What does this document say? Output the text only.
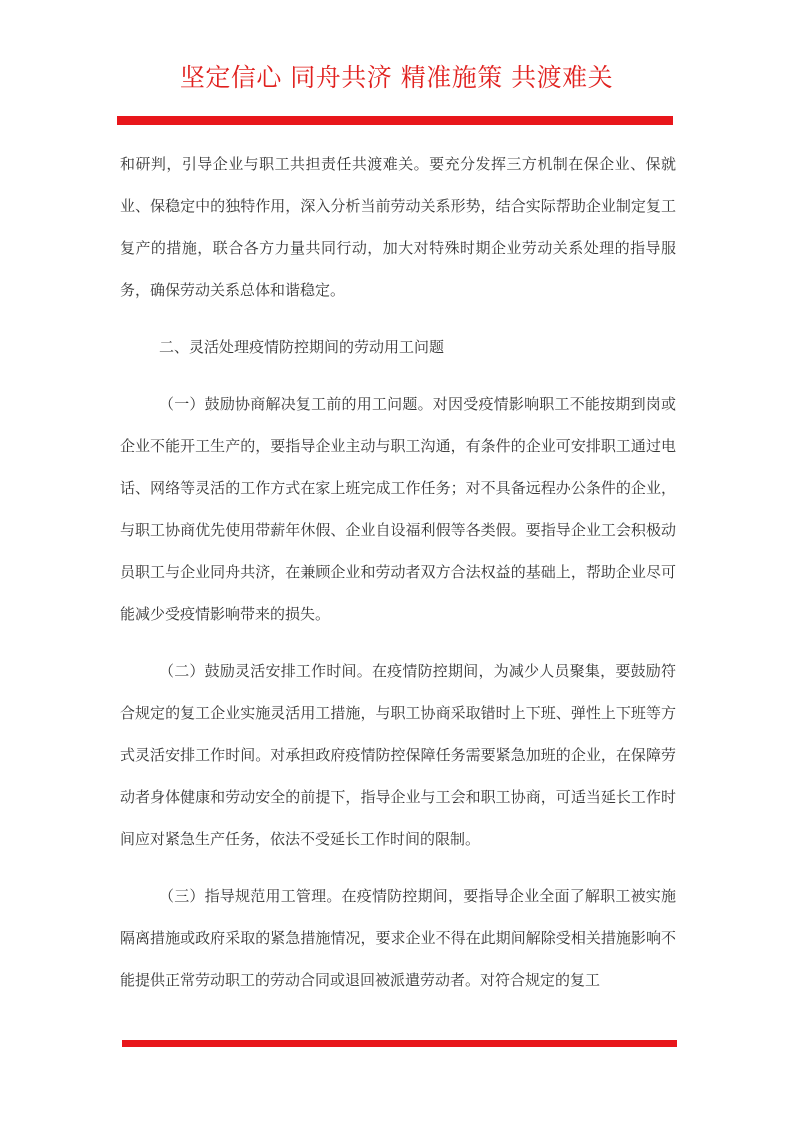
坚定信心 同舟共济 精准施策 共渡难关

和研判，引导企业与职工共担责任共渡难关。要充分发挥三方机制在保企业、保就业、保稳定中的独特作用，深入分析当前劳动关系形势，结合实际帮助企业制定复工复产的措施，联合各方力量共同行动，加大对特殊时期企业劳动关系处理的指导服务，确保劳动关系总体和谐稳定。

二、灵活处理疫情防控期间的劳动用工问题

（一）鼓励协商解决复工前的用工问题。对因受疫情影响职工不能按期到岗或企业不能开工生产的，要指导企业主动与职工沟通，有条件的企业可安排职工通过电话、网络等灵活的工作方式在家上班完成工作任务；对不具备远程办公条件的企业，与职工协商优先使用带薪年休假、企业自设福利假等各类假。要指导企业工会积极动员职工与企业同舟共济，在兼顾企业和劳动者双方合法权益的基础上，帮助企业尽可能减少受疫情影响带来的损失。

（二）鼓励灵活安排工作时间。在疫情防控期间，为减少人员聚集，要鼓励符合规定的复工企业实施灵活用工措施，与职工协商采取错时上下班、弹性上下班等方式灵活安排工作时间。对承担政府疫情防控保障任务需要紧急加班的企业，在保障劳动者身体健康和劳动安全的前提下，指导企业与工会和职工协商，可适当延长工作时间应对紧急生产任务，依法不受延长工作时间的限制。

（三）指导规范用工管理。在疫情防控期间，要指导企业全面了解职工被实施隔离措施或政府采取的紧急措施情况，要求企业不得在此期间解除受相关措施影响不能提供正常劳动职工的劳动合同或退回被派遣劳动者。对符合规定的复工
